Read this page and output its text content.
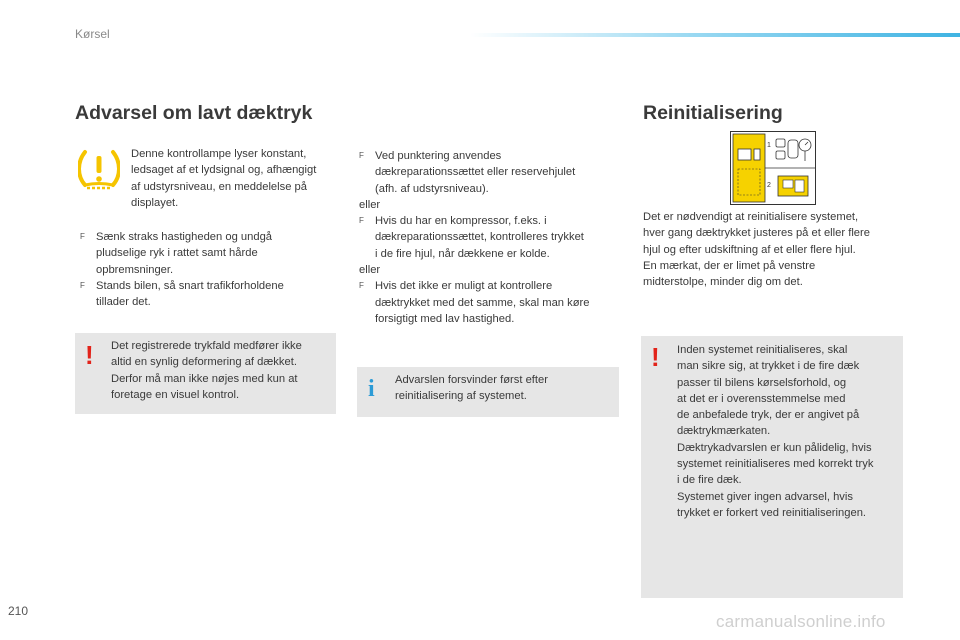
Kørsel
Advarsel om lavt dæktryk

Denne kontrollampe lyser konstant,

ledsaget af et lydsignal og, afhængigt

af udstyrsniveau, en meddelelse på

displayet.

F Sænk straks hastigheden og undgå

pludselige ryk i rattet samt hårde

opbremsninger.

F Stands bilen, så snart trafikforholdene

tillader det.

! Det registrerede trykfald medfører ikke

altid en synlig deformering af dækket.

Derfor må man ikke nøjes med kun at

foretage en visuel kontrol.

F Ved punktering anvendes

dækreparationssættet eller reservehjulet

(afh. af udstyrsniveau).

eller

F Hvis du har en kompressor, f.eks. i

dækreparationssættet, kontrolleres trykket

i de fire hjul, når dækkene er kolde.

eller

F Hvis det ikke er muligt at kontrollere

dæktrykket med det samme, skal man køre

forsigtigt med lav hastighed.

i Advarslen forsvinder først efter

reinitialisering af systemet.

Reinitialisering
1
2

Det er nødvendigt at reinitialisere systemet,

hver gang dæktrykket justeres på et eller flere

hjul og efter udskiftning af et eller flere hjul.

En mærkat, der er limet på venstre

midterstolpe, minder dig om det.

! Inden systemet reinitialiseres, skal

man sikre sig, at trykket i de fire dæk

passer til bilens kørselsforhold, og

at det er i overensstemmelse med

de anbefalede tryk, der er angivet på

dæktrykmærkaten.

Dæktrykadvarslen er kun pålidelig, hvis

systemet reinitialiseres med korrekt tryk

i de fire dæk.

Systemet giver ingen advarsel, hvis

trykket er forkert ved reinitialiseringen.

210
carmanualsonline.info
